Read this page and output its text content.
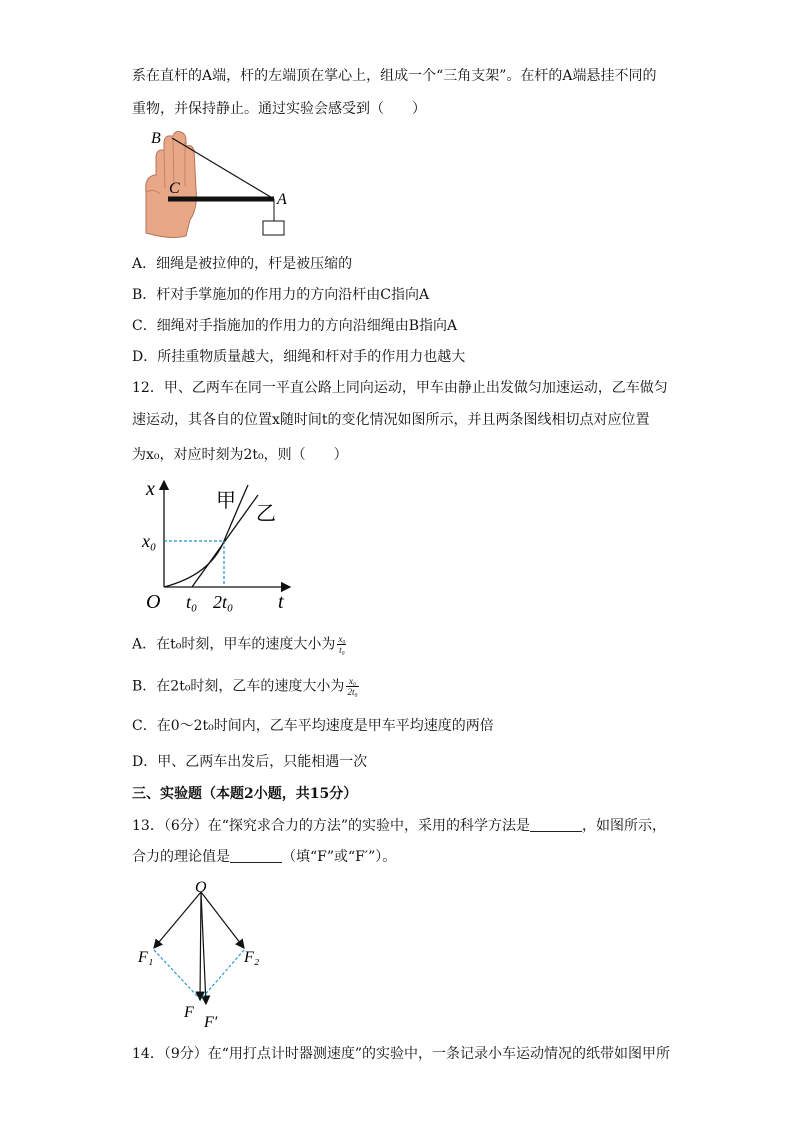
系在直杆的A端，杆的左端顶在掌心上，组成一个“三角支架”。在杆的A端悬挂不同的
重物，并保持静止。通过实验会感受到（　　）
B
C
A
A．细绳是被拉伸的，杆是被压缩的
B．杆对手掌施加的作用力的方向沿杆由C指向A
C．细绳对手指施加的作用力的方向沿细绳由B指向A
D．所挂重物质量越大，细绳和杆对手的作用力也越大
12．甲、乙两车在同一平直公路上同向运动，甲车由静止出发做匀加速运动，乙车做匀
速运动，其各自的位置x随时间t的变化情况如图所示，并且两条图线相切点对应位置
为x₀，对应时刻为2t₀，则（　　）
x
t
O
甲
乙
x₀
t₀ 2t₀
A．在t₀时刻，甲车的速度大小为 $\frac{\text{x₀}}{\text{t₀}}$
B．在2t₀时刻，乙车的速度大小为 $\frac{\text{x₀}}{\text{2t₀}}$
C．在0～2t₀时间内，乙车平均速度是甲车平均速度的两倍
D．甲、乙两车出发后，只能相遇一次
三、实验题（本题2小题，共15分）
13．（6分）在“探究求合力的方法”的实验中，采用的科学方法是	，如图所示，
合力的理论值是	（填“F”或“F′”）。
O
F₁	F₂
F
F′
14．（9分）在“用打点计时器测速度”的实验中，一条记录小车运动情况的纸带如图甲所
